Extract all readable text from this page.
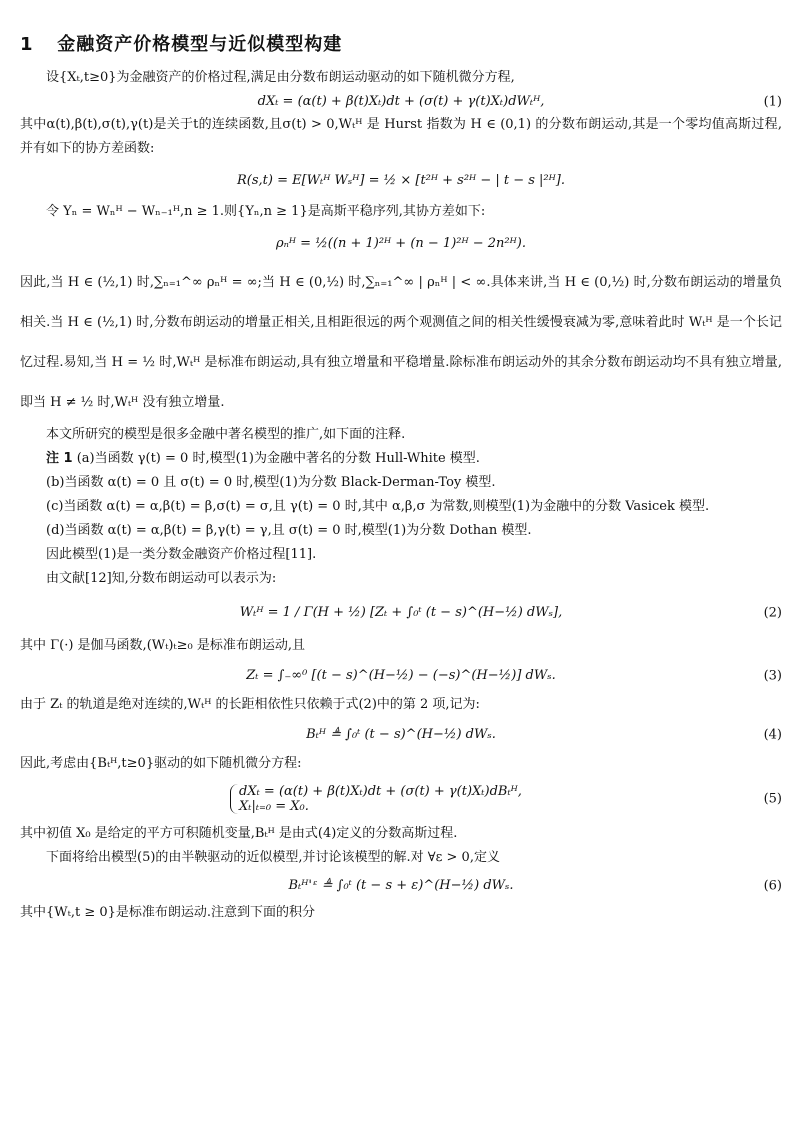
1 金融资产价格模型与近似模型构建

设{Xₜ,t≥0}为金融资产的价格过程,满足由分数布朗运动驱动的如下随机微分方程,

dXₜ = (α(t) + β(t)Xₜ)dt + (σ(t) + γ(t)Xₜ)dWₜᴴ,	(1)

其中α(t),β(t),σ(t),γ(t)是关于t的连续函数,且σ(t) > 0,Wₜᴴ 是 Hurst 指数为 H ∈ (0,1) 的分数布朗运动,其是一个零均值高斯过程,并有如下的协方差函数:

R(s,t) = E[Wₜᴴ Wₛᴴ] = ½ × [t²ᴴ + s²ᴴ − | t − s |²ᴴ].

令 Yₙ = Wₙᴴ − Wₙ₋₁ᴴ,n ≥ 1.则{Yₙ,n ≥ 1}是高斯平稳序列,其协方差如下:

ρₙᴴ = ½((n + 1)²ᴴ + (n − 1)²ᴴ − 2n²ᴴ).

因此,当 H ∈ (½,1) 时,∑ₙ₌₁^∞ ρₙᴴ = ∞;当 H ∈ (0,½) 时,∑ₙ₌₁^∞ | ρₙᴴ | < ∞.具体来讲,当 H ∈ (0,½) 时,分数布朗运动的增量负相关.当 H ∈ (½,1) 时,分数布朗运动的增量正相关,且相距很远的两个观测值之间的相关性缓慢衰减为零,意味着此时 Wₜᴴ 是一个长记忆过程.易知,当 H = ½ 时,Wₜᴴ 是标准布朗运动,具有独立增量和平稳增量.除标准布朗运动外的其余分数布朗运动均不具有独立增量,即当 H ≠ ½ 时,Wₜᴴ 没有独立增量.

本文所研究的模型是很多金融中著名模型的推广,如下面的注释.

注 1 (a)当函数 γ(t) = 0 时,模型(1)为金融中著名的分数 Hull-White 模型.

(b)当函数 α(t) = 0 且 σ(t) = 0 时,模型(1)为分数 Black-Derman-Toy 模型.

(c)当函数 α(t) = α,β(t) = β,σ(t) = σ,且 γ(t) = 0 时,其中 α,β,σ 为常数,则模型(1)为金融中的分数 Vasicek 模型.

(d)当函数 α(t) = α,β(t) = β,γ(t) = γ,且 σ(t) = 0 时,模型(1)为分数 Dothan 模型.

因此模型(1)是一类分数金融资产价格过程[11].

由文献[12]知,分数布朗运动可以表示为:

Wₜᴴ = 1 / Γ(H + ½) [Zₜ + ∫₀ᵗ (t − s)^(H−½) dWₛ],	(2)

其中 Γ(·) 是伽马函数,(Wₜ)ₜ≥₀ 是标准布朗运动,且

Zₜ = ∫₋∞⁰ [(t − s)^(H−½) − (−s)^(H−½)] dWₛ.	(3)

由于 Zₜ 的轨道是绝对连续的,Wₜᴴ 的长距相依性只依赖于式(2)中的第 2 项,记为:

Bₜᴴ ≜ ∫₀ᵗ (t − s)^(H−½) dWₛ.	(4)

因此,考虑由{Bₜᴴ,t≥0}驱动的如下随机微分方程:

dXₜ = (α(t) + β(t)Xₜ)dt + (σ(t) + γ(t)Xₜ)dBₜᴴ,
Xₜ|ₜ₌₀ = X₀.	(5)

其中初值 X₀ 是给定的平方可积随机变量,Bₜᴴ 是由式(4)定义的分数高斯过程.

下面将给出模型(5)的由半鞅驱动的近似模型,并讨论该模型的解.对 ∀ε > 0,定义

Bₜᴴ'ᵋ ≜ ∫₀ᵗ (t − s + ε)^(H−½) dWₛ.	(6)

其中{Wₜ,t ≥ 0}是标准布朗运动.注意到下面的积分
